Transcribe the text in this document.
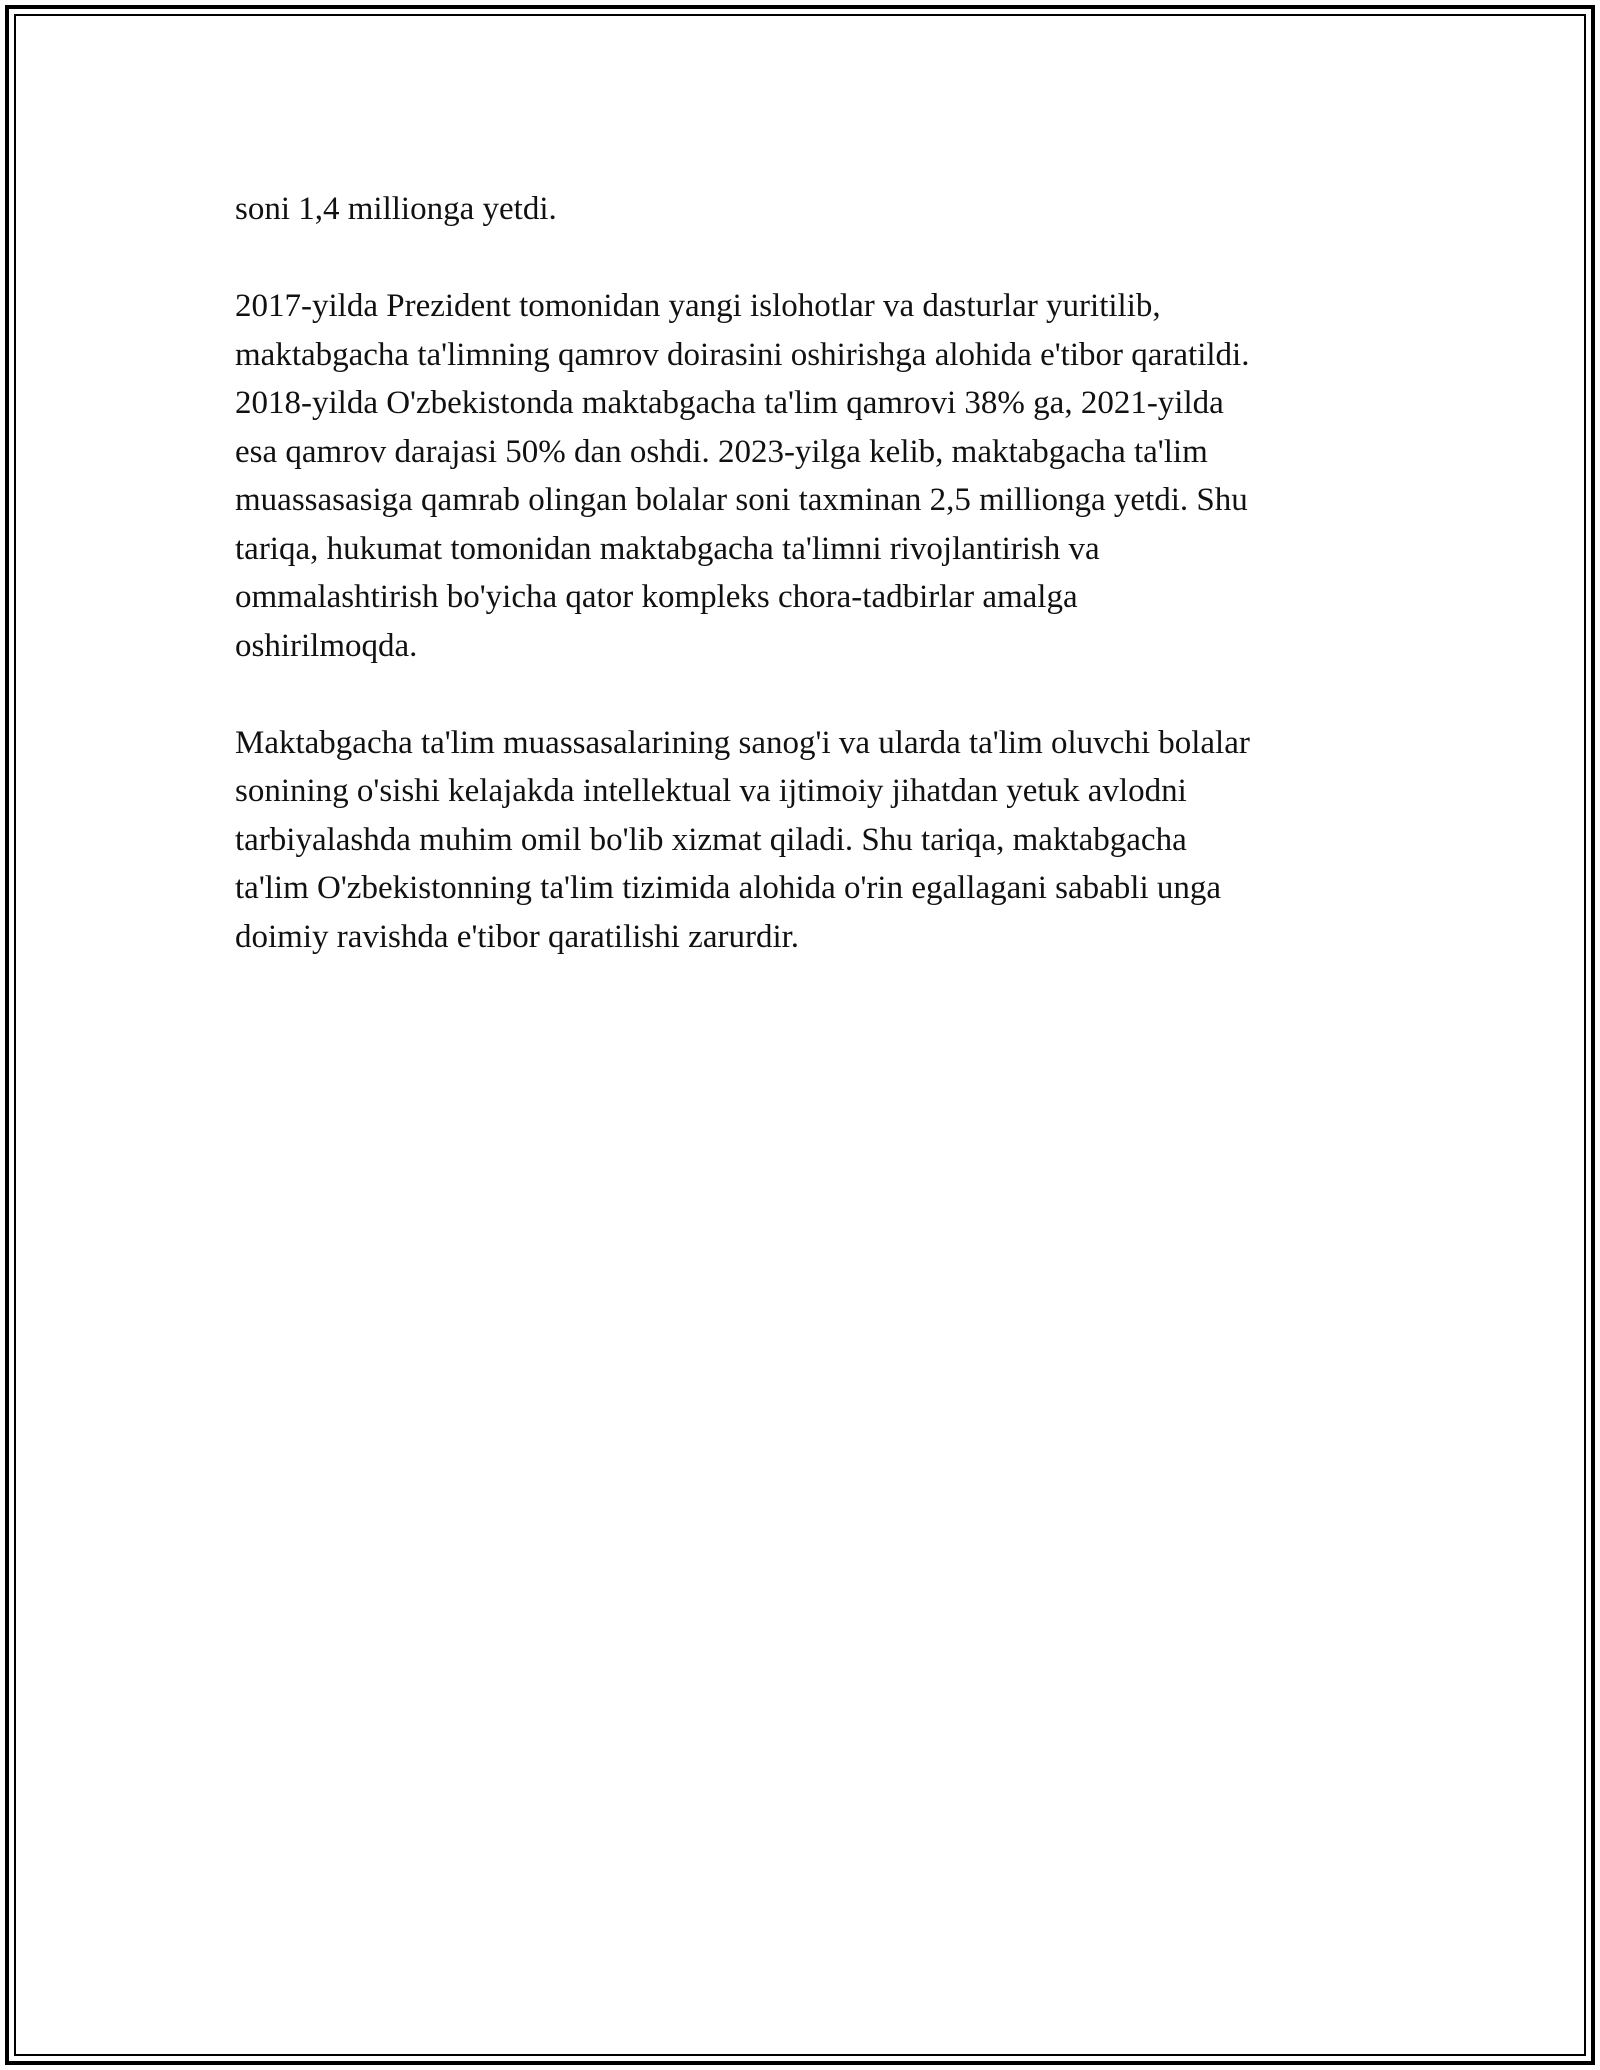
soni 1,4 millionga yetdi.

2017-yilda Prezident tomonidan yangi islohotlar va dasturlar yuritilib,
maktabgacha ta'limning qamrov doirasini oshirishga alohida e'tibor qaratildi.
2018-yilda O'zbekistonda maktabgacha ta'lim qamrovi 38% ga, 2021-yilda
esa qamrov darajasi 50% dan oshdi. 2023-yilga kelib, maktabgacha ta'lim
muassasasiga qamrab olingan bolalar soni taxminan 2,5 millionga yetdi. Shu
tariqa, hukumat tomonidan maktabgacha ta'limni rivojlantirish va
ommalashtirish bo'yicha qator kompleks chora-tadbirlar amalga
oshirilmoqda.

Maktabgacha ta'lim muassasalarining sanog'i va ularda ta'lim oluvchi bolalar
sonining o'sishi kelajakda intellektual va ijtimoiy jihatdan yetuk avlodni
tarbiyalashda muhim omil bo'lib xizmat qiladi. Shu tariqa, maktabgacha
ta'lim O'zbekistonning ta'lim tizimida alohida o'rin egallagani sababli unga
doimiy ravishda e'tibor qaratilishi zarurdir.
